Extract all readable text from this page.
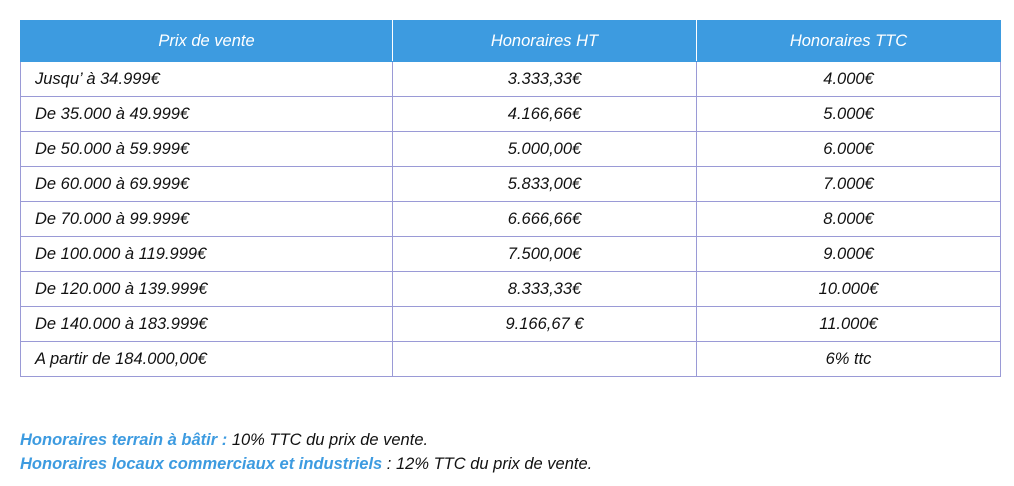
Prix de vente	Honoraires HT	Honoraires TTC
Jusqu’ à 34.999€	3.333,33€	4.000€
De 35.000 à 49.999€	4.166,66€	5.000€
De 50.000 à 59.999€	5.000,00€	6.000€
De 60.000 à 69.999€	5.833,00€	7.000€
De 70.000 à 99.999€	6.666,66€	8.000€
De 100.000 à 119.999€	7.500,00€	9.000€
De 120.000 à 139.999€	8.333,33€	10.000€
De 140.000 à 183.999€	9.166,67 €	11.000€
A partir de 184.000,00€		6% ttc
Honoraires terrain à bâtir : 10% TTC du prix de vente.
Honoraires locaux commerciaux et industriels : 12% TTC du prix de vente.
